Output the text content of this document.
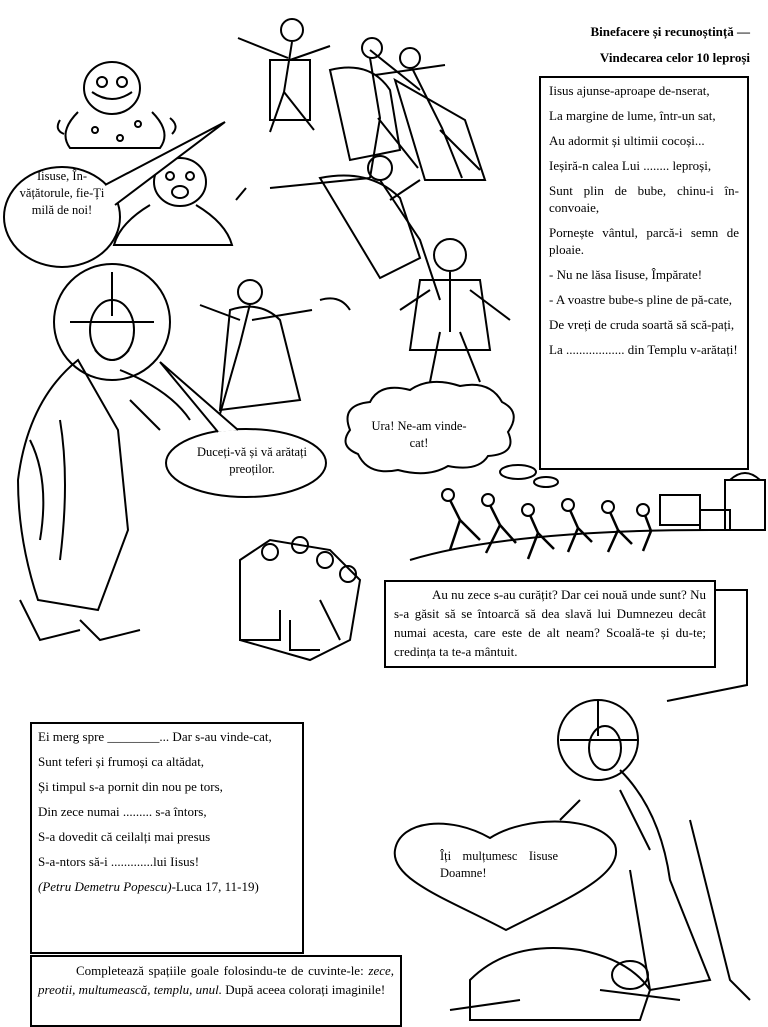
Binefacere și recunoștință —
Vindecarea celor 10 leproși
Iisus ajunse-aproape de-nserat,
La margine de lume, într-un sat,
Au adormit și ultimii cocoși...
Ieșiră-n calea Lui ........ leproși,
Sunt plin de bube, chinu-i în-convoaie,
Pornește vântul, parcă-i semn de ploaie.
- Nu ne lăsa Iisuse, Împărate!
- A voastre bube-s pline de pă-cate,
De vreți de cruda soartă să scă-pați,
La .................. din Templu v-arătați!
Iisuse, În-vățătorule, fie-Ți milă de noi!
Duceți-vă și vă arătați preoților.
Ura! Ne-am vinde-cat!
Îți mulțumesc Iisuse Doamne!
Au nu zece s-au curățit? Dar cei nouă unde sunt? Nu s-a găsit să se întoarcă să dea slavă lui Dumnezeu decât numai acesta, care este de alt neam? Scoală-te și du-te; credința ta te-a mântuit.
Ei merg spre ________... Dar s-au vinde-cat,
Sunt teferi și frumoși ca altădat,
Și timpul s-a pornit din nou pe tors,
Din zece numai ......... s-a întors,
S-a dovedit că ceilalți mai presus
S-a-ntors să-i .............lui Iisus!
(Petru Demetru Popescu)-Luca 17, 11-19)
Completează spațiile goale folosindu-te de cuvinte-le: zece, preotii, multumească, templu, unul. După aceea colorați imaginile!
